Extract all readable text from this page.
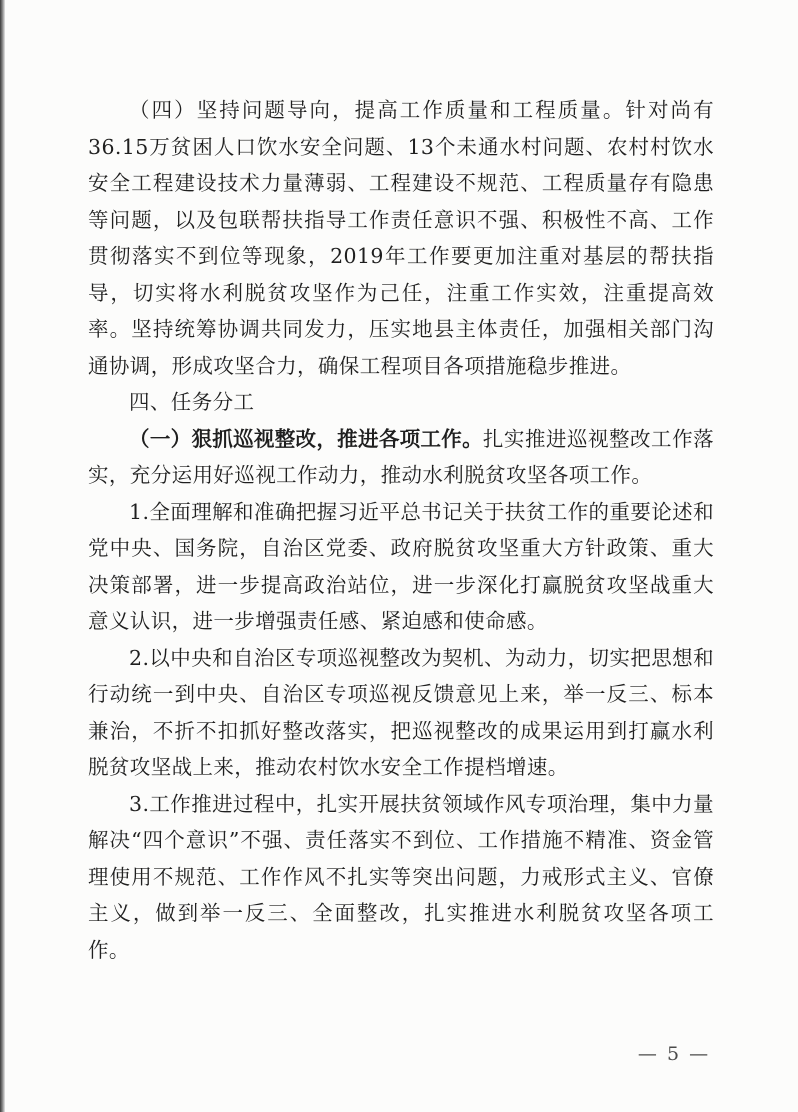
（四）坚持问题导向，提高工作质量和工程质量。针对尚有36.15万贫困人口饮水安全问题、13个未通水村问题、农村村饮水安全工程建设技术力量薄弱、工程建设不规范、工程质量存有隐患等问题，以及包联帮扶指导工作责任意识不强、积极性不高、工作贯彻落实不到位等现象，2019年工作要更加注重对基层的帮扶指导，切实将水利脱贫攻坚作为己任，注重工作实效，注重提高效率。坚持统筹协调共同发力，压实地县主体责任，加强相关部门沟通协调，形成攻坚合力，确保工程项目各项措施稳步推进。

四、任务分工

（一）狠抓巡视整改，推进各项工作。扎实推进巡视整改工作落实，充分运用好巡视工作动力，推动水利脱贫攻坚各项工作。

1.全面理解和准确把握习近平总书记关于扶贫工作的重要论述和党中央、国务院，自治区党委、政府脱贫攻坚重大方针政策、重大决策部署，进一步提高政治站位，进一步深化打赢脱贫攻坚战重大意义认识，进一步增强责任感、紧迫感和使命感。

2.以中央和自治区专项巡视整改为契机、为动力，切实把思想和行动统一到中央、自治区专项巡视反馈意见上来，举一反三、标本兼治，不折不扣抓好整改落实，把巡视整改的成果运用到打赢水利脱贫攻坚战上来，推动农村饮水安全工作提档增速。

3.工作推进过程中，扎实开展扶贫领域作风专项治理，集中力量解决“四个意识”不强、责任落实不到位、工作措施不精准、资金管理使用不规范、工作作风不扎实等突出问题，力戒形式主义、官僚主义，做到举一反三、全面整改，扎实推进水利脱贫攻坚各项工作。

— 5 —
